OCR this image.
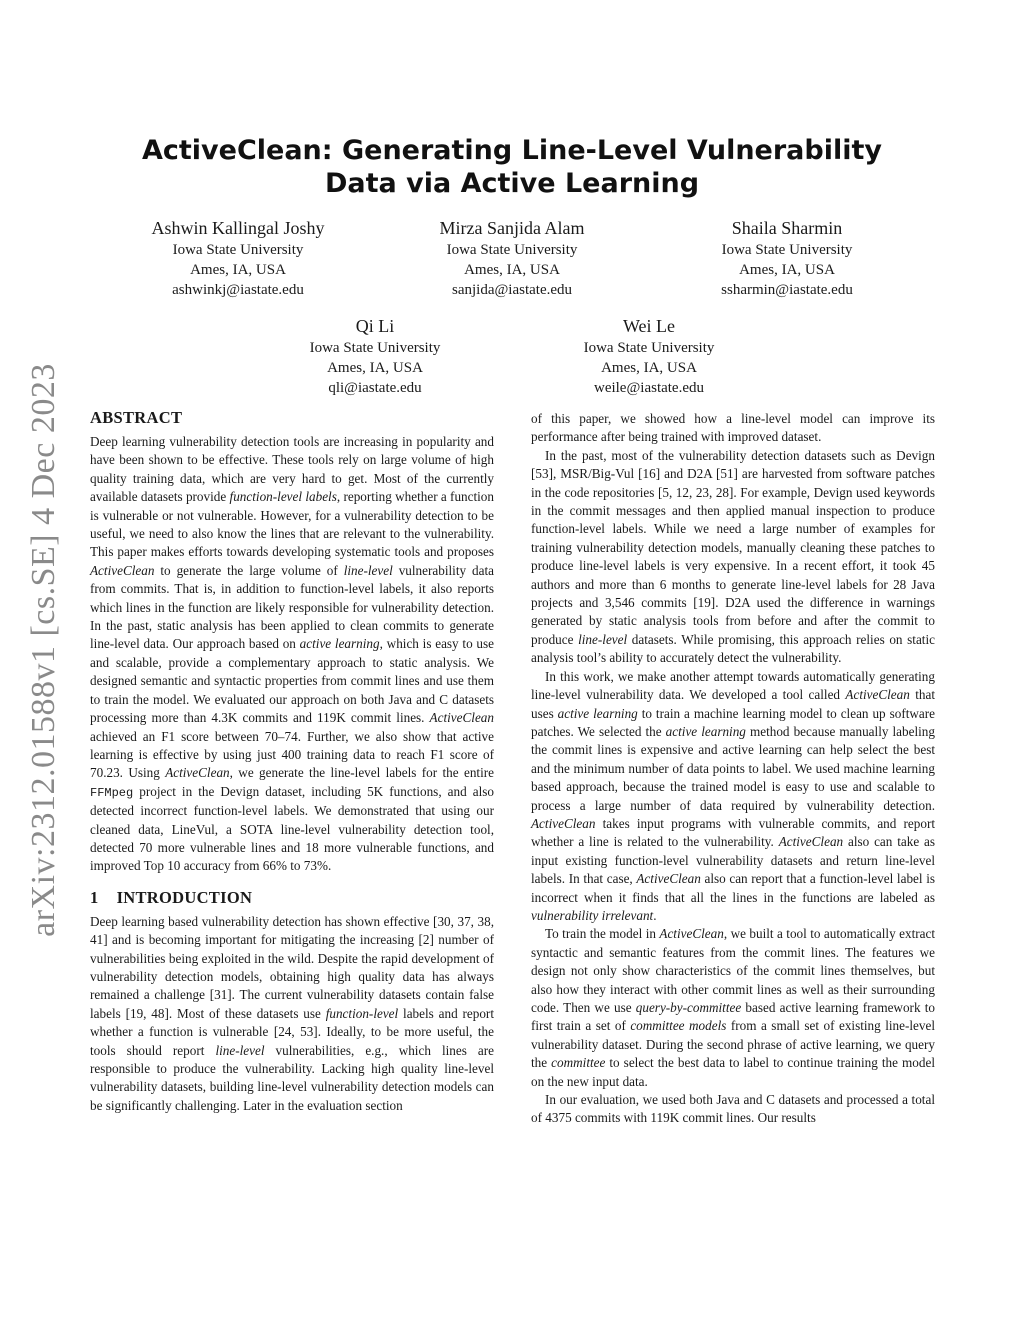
arXiv:2312.01588v1 [cs.SE] 4 Dec 2023
ActiveClean: Generating Line-Level Vulnerability Data via Active Learning
Ashwin Kallingal Joshy
Iowa State University
Ames, IA, USA
ashwinkj@iastate.edu
Mirza Sanjida Alam
Iowa State University
Ames, IA, USA
sanjida@iastate.edu
Shaila Sharmin
Iowa State University
Ames, IA, USA
ssharmin@iastate.edu
Qi Li
Iowa State University
Ames, IA, USA
qli@iastate.edu
Wei Le
Iowa State University
Ames, IA, USA
weile@iastate.edu
ABSTRACT

Deep learning vulnerability detection tools are increasing in popularity and have been shown to be effective. These tools rely on large volume of high quality training data, which are very hard to get. Most of the currently available datasets provide function-level labels, reporting whether a function is vulnerable or not vulnerable. However, for a vulnerability detection to be useful, we need to also know the lines that are relevant to the vulnerability. This paper makes efforts towards developing systematic tools and proposes ActiveClean to generate the large volume of line-level vulnerability data from commits. That is, in addition to function-level labels, it also reports which lines in the function are likely responsible for vulnerability detection. In the past, static analysis has been applied to clean commits to generate line-level data. Our approach based on active learning, which is easy to use and scalable, provide a complementary approach to static analysis. We designed semantic and syntactic properties from commit lines and use them to train the model. We evaluated our approach on both Java and C datasets processing more than 4.3K commits and 119K commit lines. ActiveClean achieved an F1 score between 70–74. Further, we also show that active learning is effective by using just 400 training data to reach F1 score of 70.23. Using ActiveClean, we generate the line-level labels for the entire FFMpeg project in the Devign dataset, including 5K functions, and also detected incorrect function-level labels. We demonstrated that using our cleaned data, LineVul, a SOTA line-level vulnerability detection tool, detected 70 more vulnerable lines and 18 more vulnerable functions, and improved Top 10 accuracy from 66% to 73%.

1 INTRODUCTION

Deep learning based vulnerability detection has shown effective [30, 37, 38, 41] and is becoming important for mitigating the increasing [2] number of vulnerabilities being exploited in the wild. Despite the rapid development of vulnerability detection models, obtaining high quality data has always remained a challenge [31]. The current vulnerability datasets contain false labels [19, 48]. Most of these datasets use function-level labels and report whether a function is vulnerable [24, 53]. Ideally, to be more useful, the tools should report line-level vulnerabilities, e.g., which lines are responsible to produce the vulnerability. Lacking high quality line-level vulnerability datasets, building line-level vulnerability detection models can be significantly challenging. Later in the evaluation section

of this paper, we showed how a line-level model can improve its performance after being trained with improved dataset.

In the past, most of the vulnerability detection datasets such as Devign [53], MSR/Big-Vul [16] and D2A [51] are harvested from software patches in the code repositories [5, 12, 23, 28]. For example, Devign used keywords in the commit messages and then applied manual inspection to produce function-level labels. While we need a large number of examples for training vulnerability detection models, manually cleaning these patches to produce line-level labels is very expensive. In a recent effort, it took 45 authors and more than 6 months to generate line-level labels for 28 Java projects and 3,546 commits [19]. D2A used the difference in warnings generated by static analysis tools from before and after the commit to produce line-level datasets. While promising, this approach relies on static analysis tool’s ability to accurately detect the vulnerability.

In this work, we make another attempt towards automatically generating line-level vulnerability data. We developed a tool called ActiveClean that uses active learning to train a machine learning model to clean up software patches. We selected the active learning method because manually labeling the commit lines is expensive and active learning can help select the best and the minimum number of data points to label. We used machine learning based approach, because the trained model is easy to use and scalable to process a large number of data required by vulnerability detection. ActiveClean takes input programs with vulnerable commits, and report whether a line is related to the vulnerability. ActiveClean also can take as input existing function-level vulnerability datasets and return line-level labels. In that case, ActiveClean also can report that a function-level label is incorrect when it finds that all the lines in the functions are labeled as vulnerability irrelevant.

To train the model in ActiveClean, we built a tool to automatically extract syntactic and semantic features from the commit lines. The features we design not only show characteristics of the commit lines themselves, but also how they interact with other commit lines as well as their surrounding code. Then we use query-by-committee based active learning framework to first train a set of committee models from a small set of existing line-level vulnerability dataset. During the second phrase of active learning, we query the committee to select the best data to label to continue training the model on the new input data.

In our evaluation, we used both Java and C datasets and processed a total of 4375 commits with 119K commit lines. Our results
